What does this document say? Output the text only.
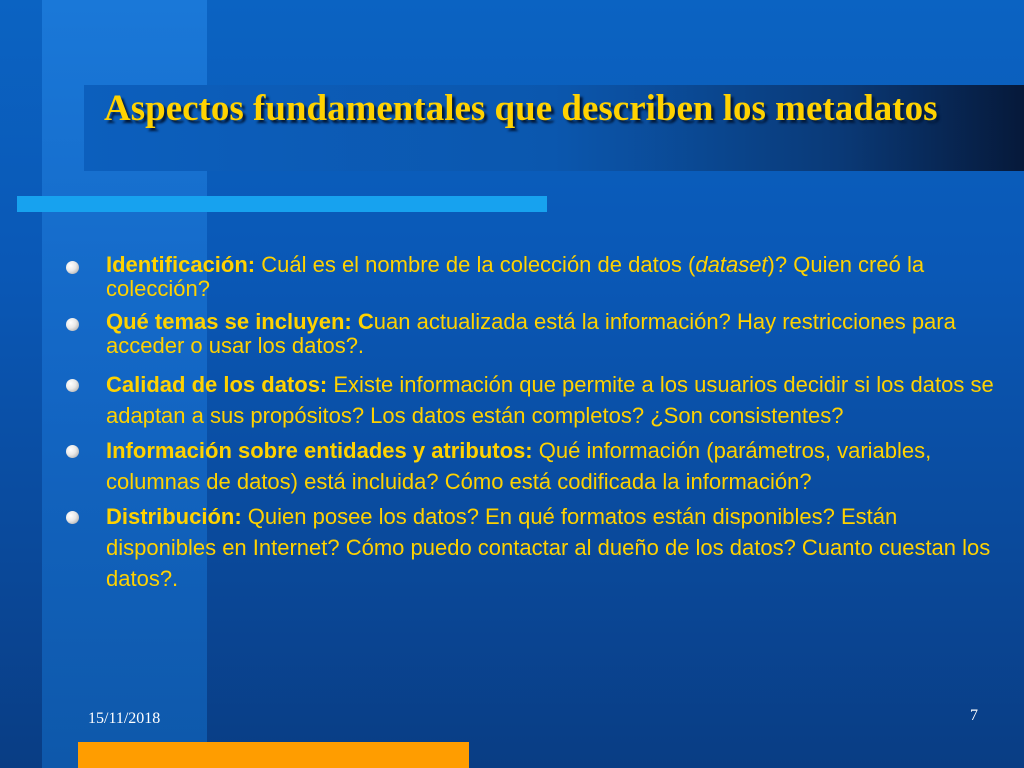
Aspectos fundamentales que describen los metadatos
Identificación: Cuál es el nombre de la colección de datos (dataset)? Quien creó la colección?
Qué temas se incluyen: Cuan actualizada está la información? Hay restricciones para acceder o usar los datos?.
Calidad de los datos: Existe información que permite a los usuarios decidir si los datos se adaptan a sus propósitos? Los datos están completos? ¿Son consistentes?
Información sobre entidades y atributos: Qué información (parámetros, variables, columnas de datos) está incluida? Cómo está codificada la información?
Distribución: Quien posee los datos? En qué formatos están disponibles? Están disponibles en Internet? Cómo puedo contactar al dueño de los datos? Cuanto cuestan los datos?.
15/11/2018	7
